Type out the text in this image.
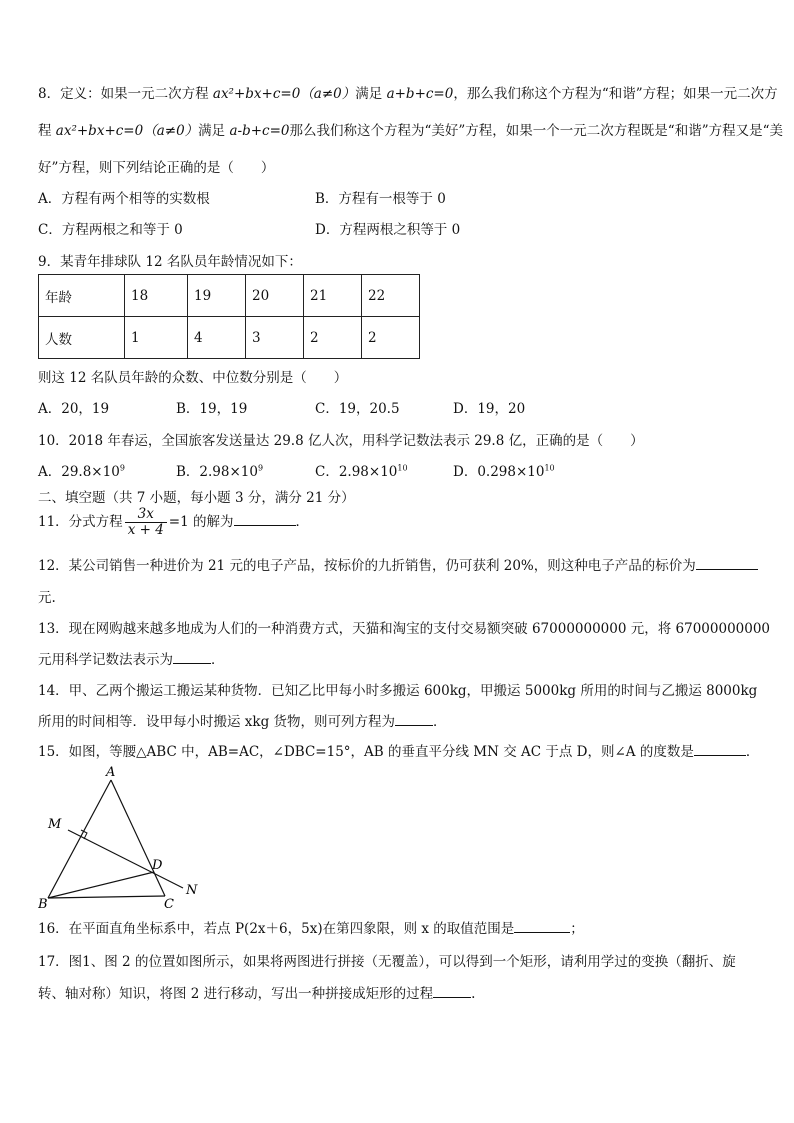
8．定义：如果一元二次方程 ax²+bx+c=0（a≠0）满足 a+b+c=0，那么我们称这个方程为“和谐”方程；如果一元二次方
程 ax²+bx+c=0（a≠0）满足 a-b+c=0那么我们称这个方程为“美好”方程，如果一个一元二次方程既是“和谐”方程又是“美
好”方程，则下列结论正确的是（　　）
A．方程有两个相等的实数根	B．方程有一根等于 0
C．方程两根之和等于 0	D．方程两根之积等于 0
9．某青年排球队 12 名队员年龄情况如下：
年龄	18	19	20	21	22
人数	1	4	3	2	2
则这 12 名队员年龄的众数、中位数分别是（　　）
A．20，19	B．19，19	C．19，20.5	D．19，20
10．2018 年春运，全国旅客发送量达 29.8 亿人次，用科学记数法表示 29.8 亿，正确的是（　　）
A．$29.8\times 10^9$	B．$2.98\times 10^9$	C．$2.98\times 10^{10}$	D．$0.298\times 10^{10}$
二、填空题（共 7 小题，每小题 3 分，满分 21 分）
11．分式方程 $\frac{3x}{x + 4} =1$ 的解为	．
12．某公司销售一种进价为 21 元的电子产品，按标价的九折销售，仍可获利 20%，则这种电子产品的标价为
元.
13．现在网购越来越多地成为人们的一种消费方式，天猫和淘宝的支付交易额突破 67000000000 元，将 67000000000
元用科学记数法表示为	．
14．甲、乙两个搬运工搬运某种货物．已知乙比甲每小时多搬运 600kg，甲搬运 5000kg 所用的时间与乙搬运 8000kg
所用的时间相等．设甲每小时搬运 xkg 货物，则可列方程为	．
15．如图，等腰△ABC 中，AB=AC，∠DBC=15°，AB 的垂直平分线 MN 交 AC 于点 D，则∠A 的度数是	．
A
B	C
D
M
N
16．在平面直角坐标系中，若点 P(2x＋6，5x)在第四象限，则 x 的取值范围是	；
17．图1、图 2 的位置如图所示，如果将两图进行拼接（无覆盖），可以得到一个矩形，请利用学过的变换（翻折、旋
转、轴对称）知识，将图 2 进行移动，写出一种拼接成矩形的过程	.
